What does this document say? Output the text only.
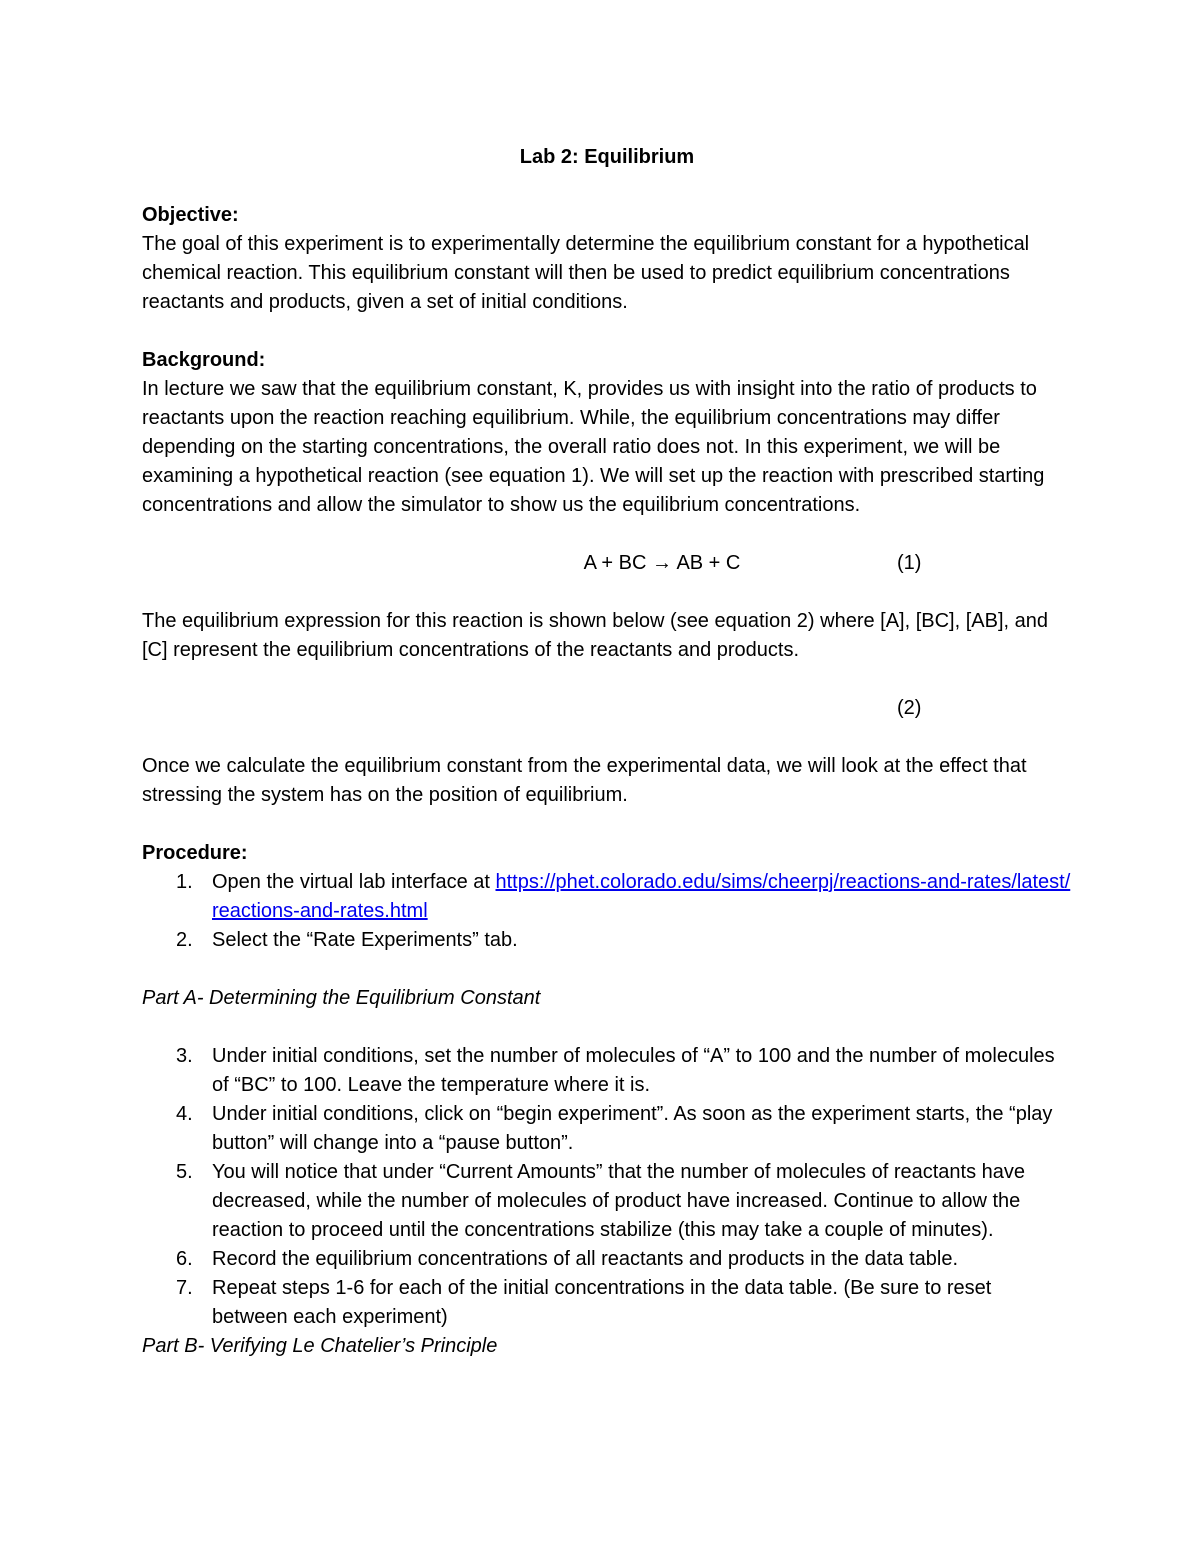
Lab 2: Equilibrium
Objective:

The goal of this experiment is to experimentally determine the equilibrium constant for a hypothetical chemical reaction. This equilibrium constant will then be used to predict equilibrium concentrations reactants and products, given a set of initial conditions.

Background:

In lecture we saw that the equilibrium constant, K, provides us with insight into the ratio of products to reactants upon the reaction reaching equilibrium. While, the equilibrium concentrations may differ depending on the starting concentrations, the overall ratio does not. In this experiment, we will be examining a hypothetical reaction (see equation 1). We will set up the reaction with prescribed starting concentrations and allow the simulator to show us the equilibrium concentrations.

A + BC → AB + C	(1)

The equilibrium expression for this reaction is shown below (see equation 2) where [A], [BC], [AB], and [C] represent the equilibrium concentrations of the reactants and products.

(2)

Once we calculate the equilibrium constant from the experimental data, we will look at the effect that stressing the system has on the position of equilibrium.

Procedure:
1. Open the virtual lab interface at https://phet.colorado.edu/sims/cheerpj/reactions-and-rates/latest/reactions-and-rates.html
2. Select the “Rate Experiments” tab.

Part A- Determining the Equilibrium Constant

3. Under initial conditions, set the number of molecules of “A” to 100 and the number of molecules of “BC” to 100. Leave the temperature where it is.
4. Under initial conditions, click on “begin experiment”. As soon as the experiment starts, the “play button” will change into a “pause button”.
5. You will notice that under “Current Amounts” that the number of molecules of reactants have decreased, while the number of molecules of product have increased. Continue to allow the reaction to proceed until the concentrations stabilize (this may take a couple of minutes).
6. Record the equilibrium concentrations of all reactants and products in the data table.
7. Repeat steps 1-6 for each of the initial concentrations in the data table. (Be sure to reset between each experiment)

Part B- Verifying Le Chatelier’s Principle
